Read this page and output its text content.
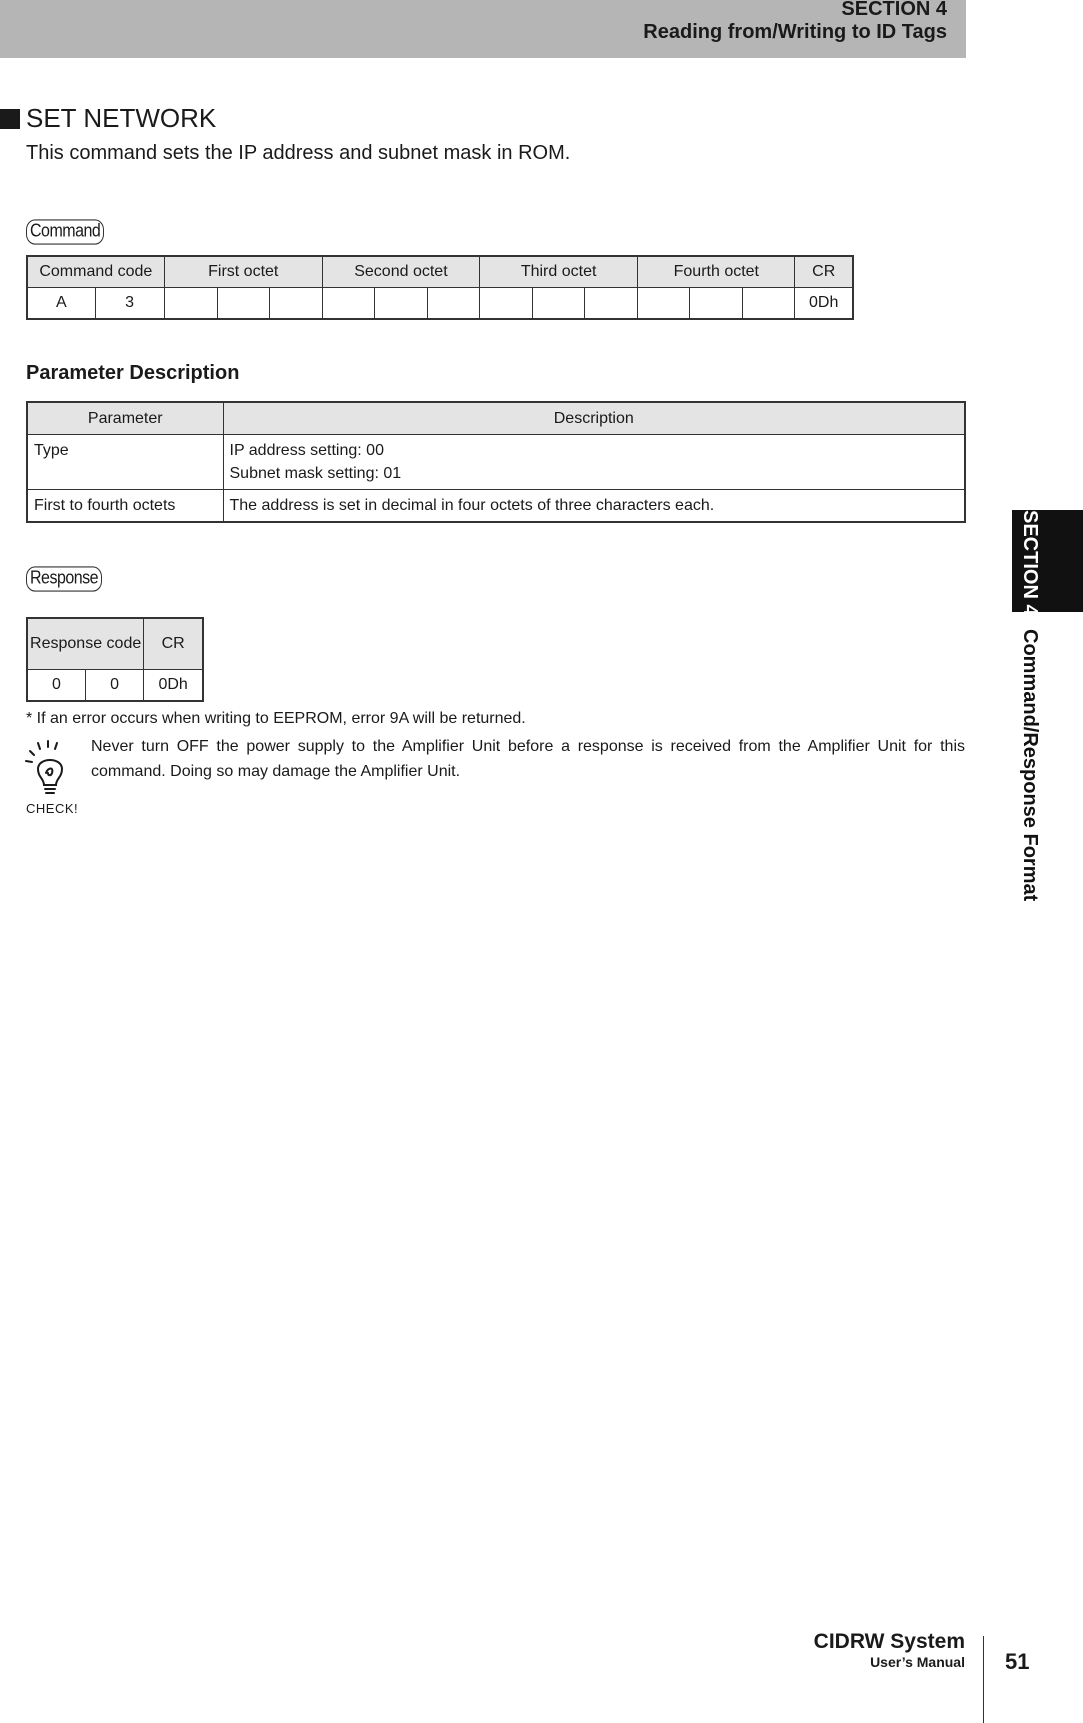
SECTION 4
Reading from/Writing to ID Tags
SET NETWORK
This command sets the IP address and subnet mask in ROM.
Command
Command code		First octet			Second octet			Third octet			Fourth octet			CR
A	3													0Dh
Parameter Description
Parameter	Description
Type	IP address setting: 00
Subnet mask setting: 01

First to fourth octets	The address is set in decimal in four octets of three characters each.
Response
Response code		CR
0	0	0Dh
* If an error occurs when writing to EEPROM, error 9A will be returned.
CHECK!
Never turn OFF the power supply to the Amplifier Unit before a response is received from the Amplifier Unit for this command. Doing so may damage the Amplifier Unit.
SECTION 4 Command/Response Format
CIDRW System
User’s Manual 51
